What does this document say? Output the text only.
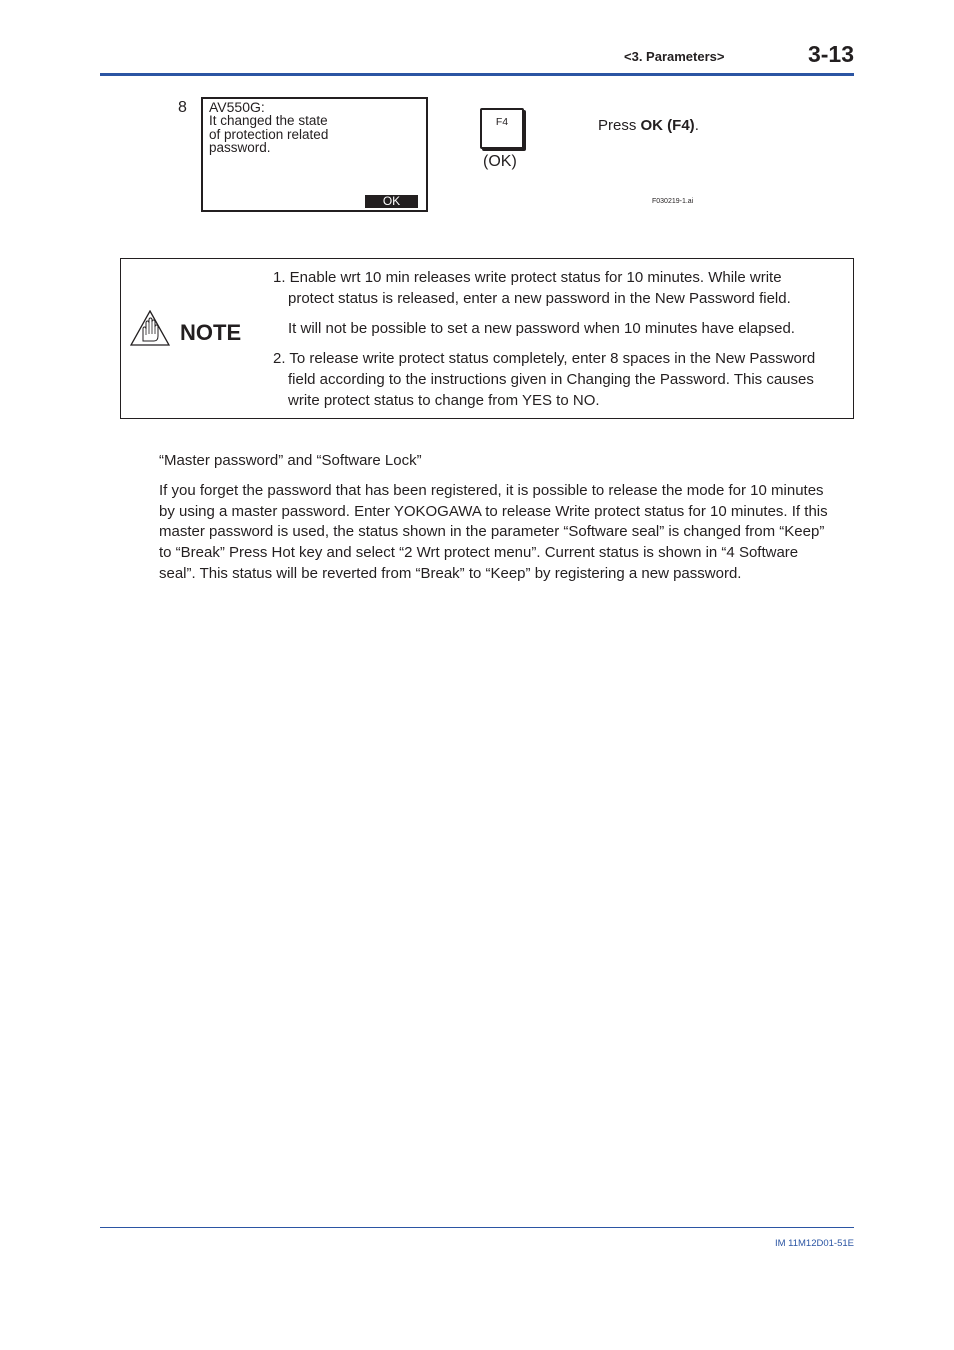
<3. Parameters>	3-13
8 AV550G:
It changed the state
of protection related
password.
OK
F4
(OK)
Press OK (F4).
F030219-1.ai
NOTE
1. Enable wrt 10 min releases write protect status for 10 minutes. While write
protect status is released, enter a new password in the New Password field.
It will not be possible to set a new password when 10 minutes have elapsed.
2. To release write protect status completely, enter 8 spaces in the New Password
field according to the instructions given in Changing the Password. This causes
write protect status to change from YES to NO.
“Master password” and “Software Lock”
If you forget the password that has been registered, it is possible to release the mode for 10 minutes
by using a master password. Enter YOKOGAWA to release Write protect status for 10 minutes. If this
master password is used, the status shown in the parameter “Software seal” is changed from “Keep”
to “Break” Press Hot key and select “2 Wrt protect menu”. Current status is shown in “4 Software
seal”. This status will be reverted from “Break” to “Keep” by registering a new password.
IM 11M12D01-51E
